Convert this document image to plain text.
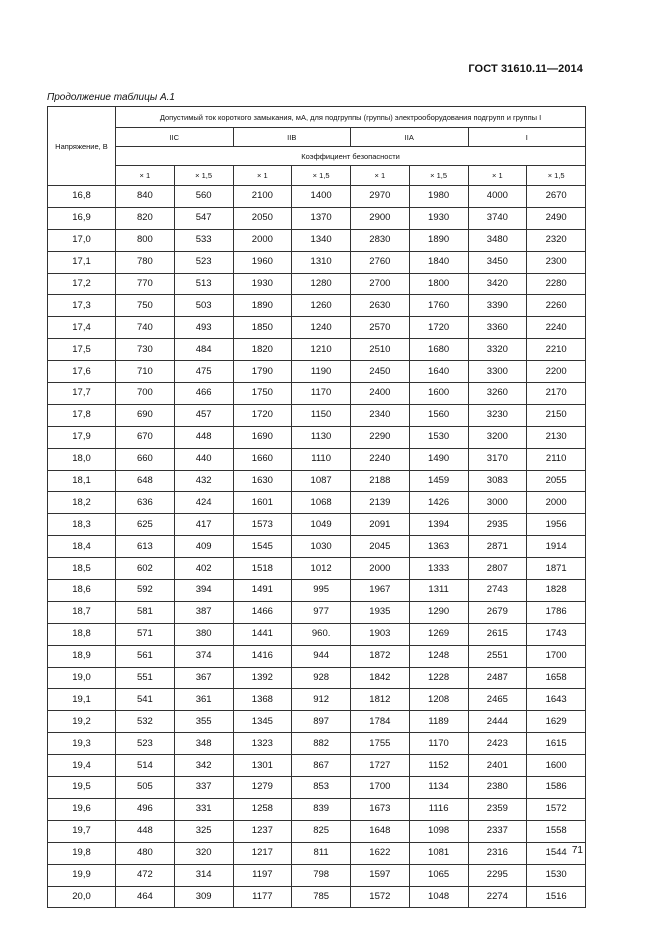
ГОСТ 31610.11—2014
Продолжение таблицы А.1
Напряжение, В	Допустимый ток короткого замыкания, мА, для подгруппы (группы) электрооборудования подгрупп и группы I							
	IIС		IIВ		IIА		I	
	Коэффициент безопасности							
	× 1	× 1,5	× 1	× 1,5	× 1	× 1,5	× 1	× 1,5
16,8	840	560	2100	1400	2970	1980	4000	2670
16,9	820	547	2050	1370	2900	1930	3740	2490
17,0	800	533	2000	1340	2830	1890	3480	2320
17,1	780	523	1960	1310	2760	1840	3450	2300
17,2	770	513	1930	1280	2700	1800	3420	2280
17,3	750	503	1890	1260	2630	1760	3390	2260
17,4	740	493	1850	1240	2570	1720	3360	2240
17,5	730	484	1820	1210	2510	1680	3320	2210
17,6	710	475	1790	1190	2450	1640	3300	2200
17,7	700	466	1750	1170	2400	1600	3260	2170
17,8	690	457	1720	1150	2340	1560	3230	2150
17,9	670	448	1690	1130	2290	1530	3200	2130
18,0	660	440	1660	1110	2240	1490	3170	2110
18,1	648	432	1630	1087	2188	1459	3083	2055
18,2	636	424	1601	1068	2139	1426	3000	2000
18,3	625	417	1573	1049	2091	1394	2935	1956
18,4	613	409	1545	1030	2045	1363	2871	1914
18,5	602	402	1518	1012	2000	1333	2807	1871
18,6	592	394	1491	995	1967	1311	2743	1828
18,7	581	387	1466	977	1935	1290	2679	1786
18,8	571	380	1441	960.	1903	1269	2615	1743
18,9	561	374	1416	944	1872	1248	2551	1700
19,0	551	367	1392	928	1842	1228	2487	1658
19,1	541	361	1368	912	1812	1208	2465	1643
19,2	532	355	1345	897	1784	1189	2444	1629
19,3	523	348	1323	882	1755	1170	2423	1615
19,4	514	342	1301	867	1727	1152	2401	1600
19,5	505	337	1279	853	1700	1134	2380	1586
19,6	496	331	1258	839	1673	1116	2359	1572
19,7	448	325	1237	825	1648	1098	2337	1558
19,8	480	320	1217	811	1622	1081	2316	1544
19,9	472	314	1197	798	1597	1065	2295	1530
20,0	464	309	1177	785	1572	1048	2274	1516
71
